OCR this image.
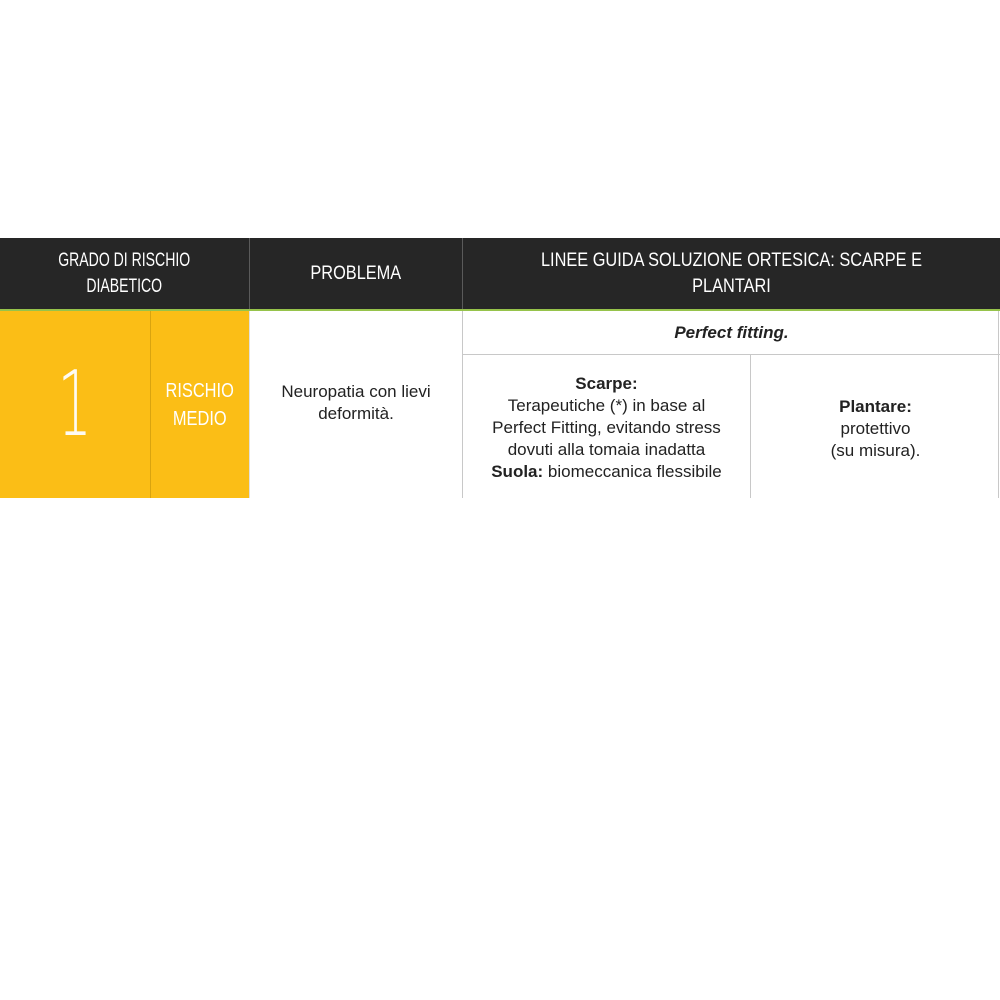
GRADO DI RISCHIO
DIABETICO
PROBLEMA
LINEE GUIDA SOLUZIONE ORTESICA: SCARPE E PLANTARI
1	RISCHIO
MEDIO
Neuropatia con lievi
deformità.
Perfect fitting.
Scarpe:
Terapeutiche (*) in base al
Perfect Fitting, evitando stress
dovuti alla tomaia inadatta
Suola: biomeccanica flessibile
Plantare:
protettivo
(su misura).
